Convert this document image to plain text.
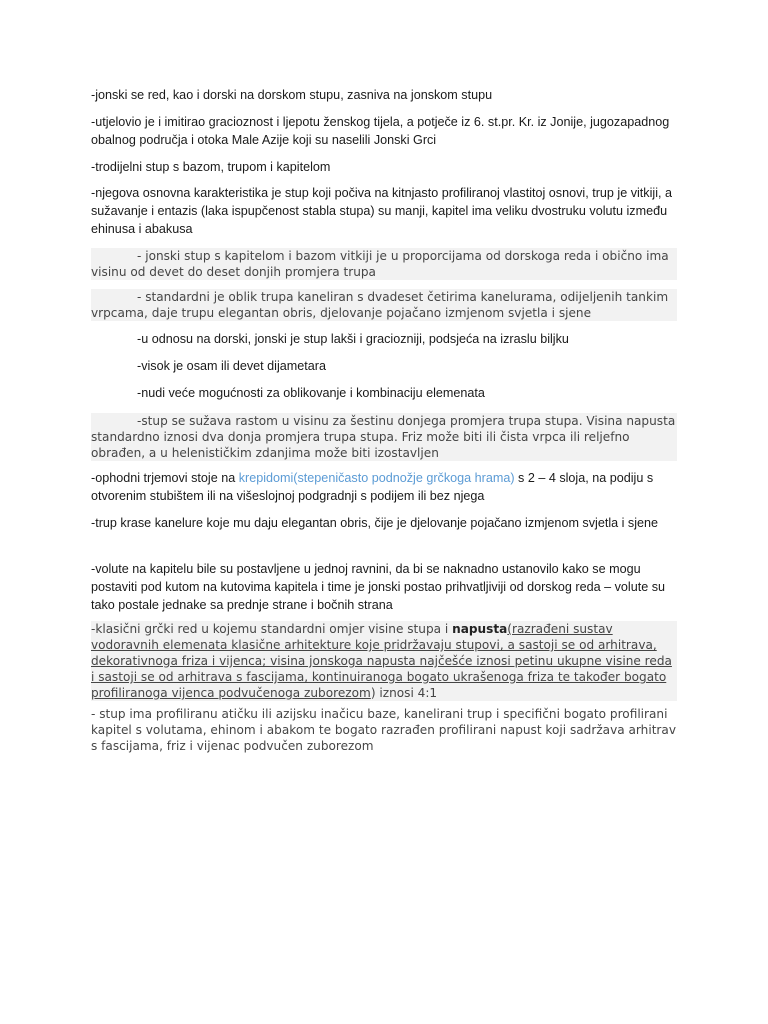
-jonski se red, kao i dorski na dorskom stupu, zasniva na jonskom stupu

-utjelovio je i imitirao gracioznost i ljepotu ženskog tijela, a potječe iz 6. st.pr. Kr. iz Jonije, jugozapadnog obalnog područja i otoka Male Azije koji su naselili Jonski Grci

-trodijelni stup s bazom, trupom i kapitelom

-njegova osnovna karakteristika je stup koji počiva na kitnjasto profiliranoj vlastitoj osnovi, trup je vitkiji, a sužavanje i entazis (laka ispupčenost stabla stupa) su manji, kapitel ima veliku dvostruku volutu između ehinusa i abakusa

- jonski stup s kapitelom i bazom vitkiji je u proporcijama od dorskoga reda i obično ima visinu od devet do deset donjih promjera trupa

- standardni je oblik trupa kaneliran s dvadeset četirima kanelurama, odijeljenih tankim vrpcama, daje trupu elegantan obris, djelovanje pojačano izmjenom svjetla i sjene

-u odnosu na dorski, jonski je stup lakši i graciozniji, podsjeća na izraslu biljku

-visok je osam ili devet dijametara

-nudi veće mogućnosti za oblikovanje i kombinaciju elemenata

-stup se sužava rastom u visinu za šestinu donjega promjera trupa stupa. Visina napusta standardno iznosi dva donja promjera trupa stupa. Friz može biti ili čista vrpca ili reljefno obrađen, a u helenističkim zdanjima može biti izostavljen

-ophodni trjemovi stoje na krepidomi(stepeničasto podnožje grčkoga hrama) s 2 – 4 sloja, na podiju s otvorenim stubištem ili na višeslojnoj podgradnji s podijem ili bez njega

-trup krase kanelure koje mu daju elegantan obris, čije je djelovanje pojačano izmjenom svjetla i sjene

-volute na kapitelu bile su postavljene u jednoj ravnini, da bi se naknadno ustanovilo kako se mogu postaviti pod kutom na kutovima kapitela i time je jonski postao prihvatljiviji od dorskog reda – volute su tako postale jednake sa prednje strane i bočnih strana

-klasični grčki red u kojemu standardni omjer visine stupa i napusta(razrađeni sustav vodoravnih elemenata klasične arhitekture koje pridržavaju stupovi, a sastoji se od arhitrava, dekorativnoga friza i vijenca; visina jonskoga napusta najčešće iznosi petinu ukupne visine reda i sastoji se od arhitrava s fascijama, kontinuiranoga bogato ukrašenoga friza te također bogato profiliranoga vijenca podvučenoga zuborezom) iznosi 4:1

- stup ima profiliranu atičku ili azijsku inačicu baze, kanelirani trup i specifični bogato profilirani kapitel s volutama, ehinom i abakom te bogato razrađen profilirani napust koji sadržava arhitrav s fascijama, friz i vijenac podvučen zuborezom
